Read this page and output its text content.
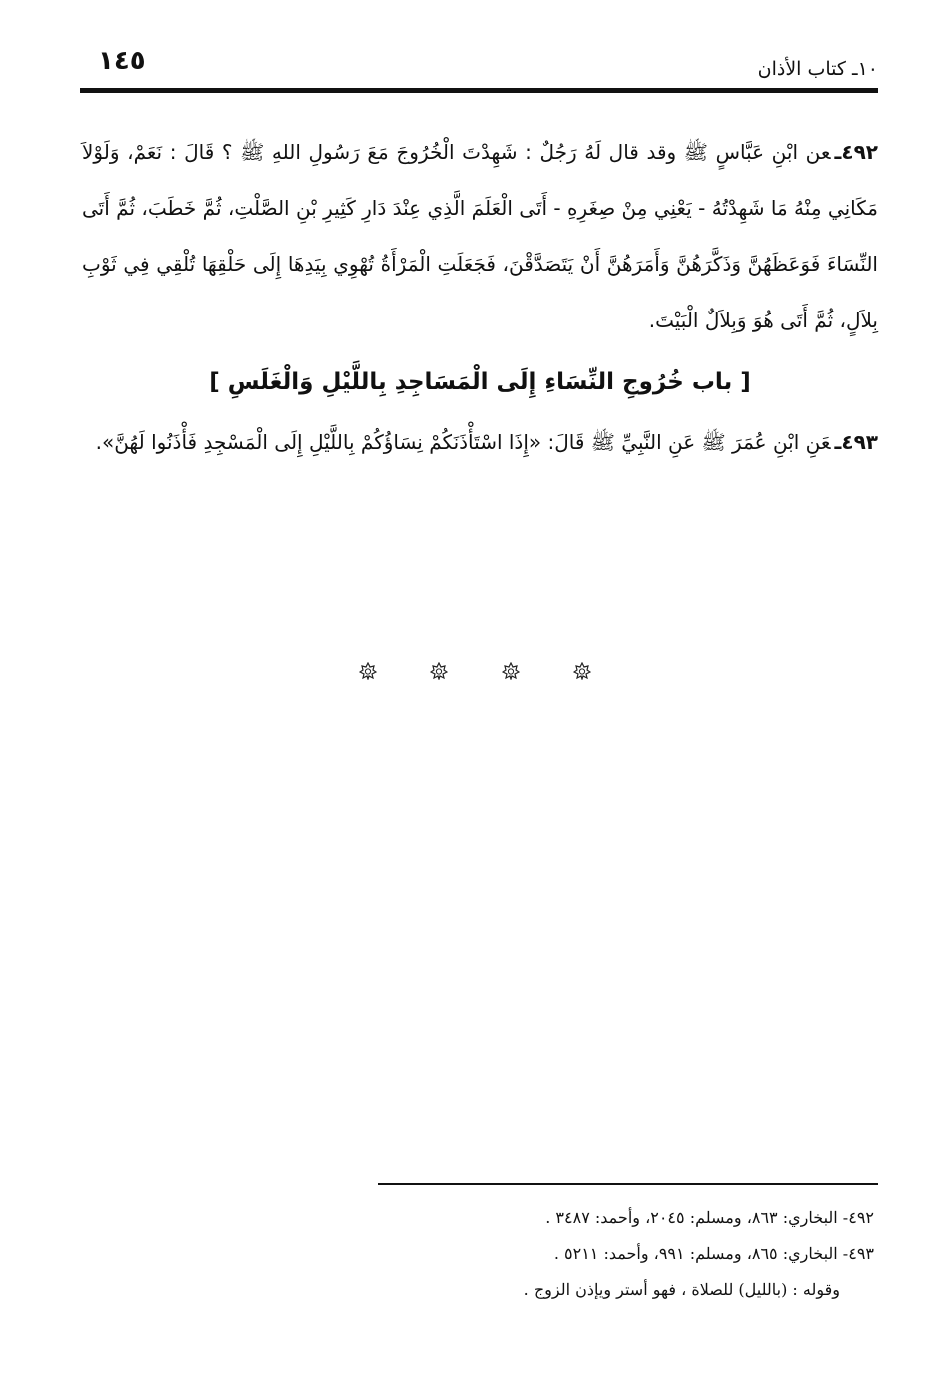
١٠ـ كتاب الأذان
١٤٥

٤٩٢ـعن ابْنِ عَبَّاسٍ ﷺ وقد قال لَهُ رَجُلٌ : شَهِدْتَ الْخُرُوجَ مَعَ رَسُولِ اللهِ ﷺ ؟ قَالَ : نَعَمْ، وَلَوْلاَ مَكَانِي مِنْهُ مَا شَهِدْتُهُ - يَعْنِي مِنْ صِغَرِهِ - أَتَى الْعَلَمَ الَّذِي عِنْدَ دَارِ كَثِيرِ بْنِ الصَّلْتِ، ثُمَّ خَطَبَ، ثُمَّ أَتَى النِّسَاءَ فَوَعَظَهُنَّ وَذَكَّرَهُنَّ وَأَمَرَهُنَّ أَنْ يَتَصَدَّقْنَ، فَجَعَلَتِ الْمَرْأَةُ تُهْوِي بِيَدِهَا إِلَى حَلْقِهَا تُلْقِي فِي ثَوْبِ بِلاَلٍ، ثُمَّ أَتَى هُوَ وَبِلاَلٌ الْبَيْتَ.

[ باب خُرُوجِ النِّسَاءِ إِلَى الْمَسَاجِدِ بِاللَّيْلِ وَالْغَلَسِ ]

٤٩٣ـعَنِ ابْنِ عُمَرَ ﷺ عَنِ النَّبِيِّ ﷺ قَالَ: «إِذَا اسْتَأْذَنَكُمْ نِسَاؤُكُمْ بِاللَّيْلِ إِلَى الْمَسْجِدِ فَأْذَنُوا لَهُنَّ».

٤٩٢- البخاري: ٨٦٣، ومسلم: ٢٠٤٥، وأحمد: ٣٤٨٧ .

٤٩٣- البخاري: ٨٦٥، ومسلم: ٩٩١، وأحمد: ٥٢١١ .

وقوله : (بالليل) للصلاة ، فهو أستر ويإذن الزوج .
